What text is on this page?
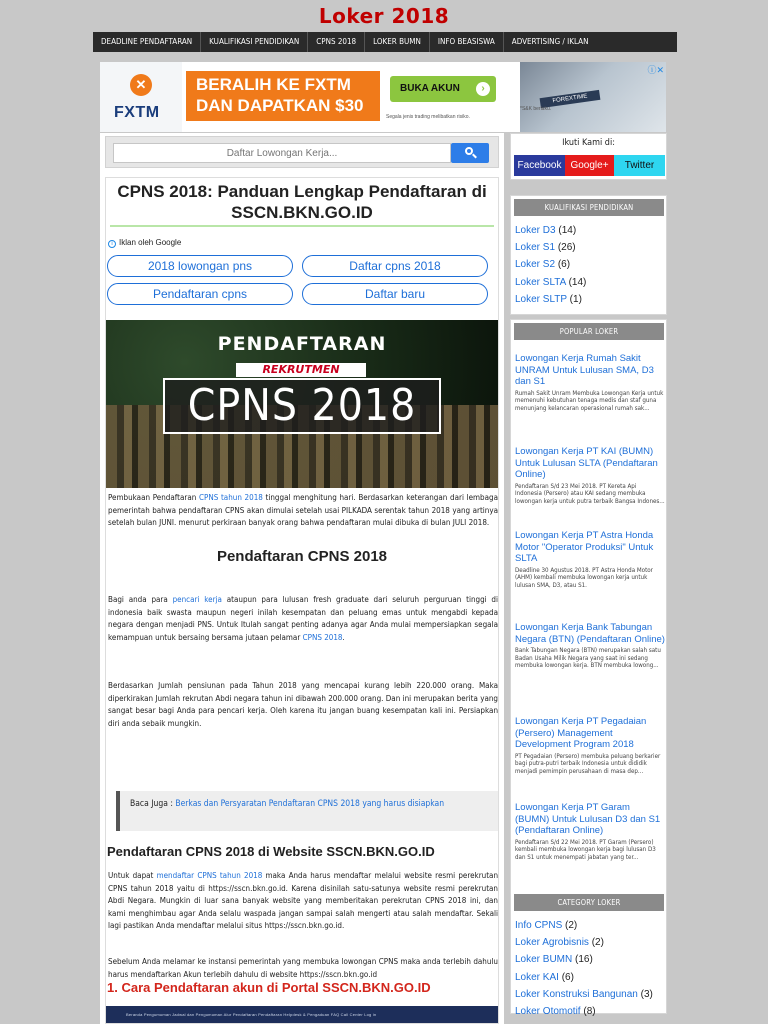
Loker 2018
DEADLINE PENDAFTARAN	KUALIFIKASI PENDIDIKAN	CPNS 2018	LOKER BUMN	INFO BEASISWA	ADVERTISING / IKLAN
✕
FXTM
BERALIH KE FXTM DAN DAPATKAN $30
BUKA AKUN	›
Segala jenis trading melibatkan risiko.
FOREXTIME
*S&K berlaku.
ⓘ✕
Daftar Lowongan Kerja...
CPNS 2018: Panduan Lengkap Pendaftaran di SSCN.BKN.GO.ID
i Iklan oleh Google
2018 lowongan pns	Daftar cpns 2018
Pendaftaran cpns	Daftar baru
PENDAFTARAN
REKRUTMEN
CPNS 2018

Pembukaan Pendaftaran CPNS tahun 2018 tinggal menghitung hari. Berdasarkan keterangan dari lembaga pemerintah bahwa pendaftaran CPNS akan dimulai setelah usai PILKADA serentak tahun 2018 yang artinya setelah bulan JUNI. menurut perkiraan banyak orang bahwa pendaftaran mulai dibuka di bulan JULI 2018.

Pendaftaran CPNS 2018

Bagi anda para pencari kerja ataupun para lulusan fresh graduate dari seluruh perguruan tinggi di indonesia baik swasta maupun negeri inilah kesempatan dan peluang emas untuk mengabdi kepada negara dengan menjadi PNS. Untuk Itulah sangat penting adanya agar Anda mulai mempersiapkan segala kemampuan untuk bersaing bersama jutaan pelamar CPNS 2018.

Berdasarkan Jumlah pensiunan pada Tahun 2018 yang mencapai kurang lebih 220.000 orang. Maka diperkirakan Jumlah rekrutan Abdi negara tahun ini dibawah 200.000 orang. Dan ini merupakan berita yang sangat besar bagi Anda para pencari kerja. Oleh karena itu jangan buang kesempatan kali ini. Persiapkan diri anda sebaik mungkin.

Baca Juga : Berkas dan Persyaratan Pendaftaran CPNS 2018 yang harus disiapkan
Pendaftaran CPNS 2018 di Website SSCN.BKN.GO.ID

Untuk dapat mendaftar CPNS tahun 2018 maka Anda harus mendaftar melalui website resmi perekrutan CPNS tahun 2018 yaitu di https://sscn.bkn.go.id. Karena disinilah satu-satunya website resmi perekrutan Abdi Negara. Mungkin di luar sana banyak website yang memberitakan perekrutan CPNS 2018 ini, dan kami menghimbau agar Anda selalu waspada jangan sampai salah mengerti atau salah mendaftar. Sekali lagi pastikan Anda mendaftar melalui situs https://sscn.bkn.go.id.

Sebelum Anda melamar ke instansi pemerintah yang membuka lowongan CPNS maka anda terlebih dahulu harus mendaftarkan Akun terlebih dahulu di website https://sscn.bkn.go.id

1. Cara Pendaftaran akun di Portal SSCN.BKN.GO.ID
Beranda Pengumuman Jadwal dan Pengumuman Alur Pendaftaran Pendaftaran Helpdesk & Pengaduan FAQ Call Center Log in
Ikuti Kami di:
Facebook Google+	Twitter
KUALIFIKASI PENDIDIKAN
Loker D3 (14)
Loker S1 (26)
Loker S2 (6)
Loker SLTA (14)
Loker SLTP (1)
POPULAR LOKER
Lowongan Kerja Rumah Sakit UNRAM Untuk Lulusan SMA, D3 dan S1
Rumah Sakit Unram Membuka Lowongan Kerja untuk memenuhi kebutuhan tenaga medis dan staf guna menunjang kelancaran operasional rumah sak...
Lowongan Kerja PT KAI (BUMN) Untuk Lulusan SLTA (Pendaftaran Online)
Pendaftaran S/d 23 Mei 2018. PT Kereta Api Indonesia (Persero) atau KAI sedang membuka lowongan kerja untuk putra terbaik Bangsa Indones...
Lowongan Kerja PT Astra Honda Motor "Operator Produksi" Untuk SLTA
Deadline 30 Agustus 2018. PT Astra Honda Motor (AHM) kembali membuka lowongan kerja untuk lulusan SMA, D3, atau S1.
Lowongan Kerja Bank Tabungan Negara (BTN) (Pendaftaran Online)
Bank Tabungan Negara (BTN) merupakan salah satu Badan Usaha Milik Negara yang saat ini sedang membuka lowongan kerja. BTN membuka lowong...
Lowongan Kerja PT Pegadaian (Persero) Management Development Program 2018
PT Pegadaian (Persero) membuka peluang berkarier bagi putra-putri terbaik Indonesia untuk dididik menjadi pemimpin perusahaan di masa dep...
Lowongan Kerja PT Garam (BUMN) Untuk Lulusan D3 dan S1 (Pendaftaran Online)
Pendaftaran S/d 22 Mei 2018. PT Garam (Persero) kembali membuka lowongan kerja bagi lulusan D3 dan S1 untuk menempati jabatan yang ter...
CATEGORY LOKER
Info CPNS (2)
Loker Agrobisnis (2)
Loker BUMN (16)
Loker KAI (6)
Loker Konstruksi Bangunan (3)
Loker Otomotif (8)
